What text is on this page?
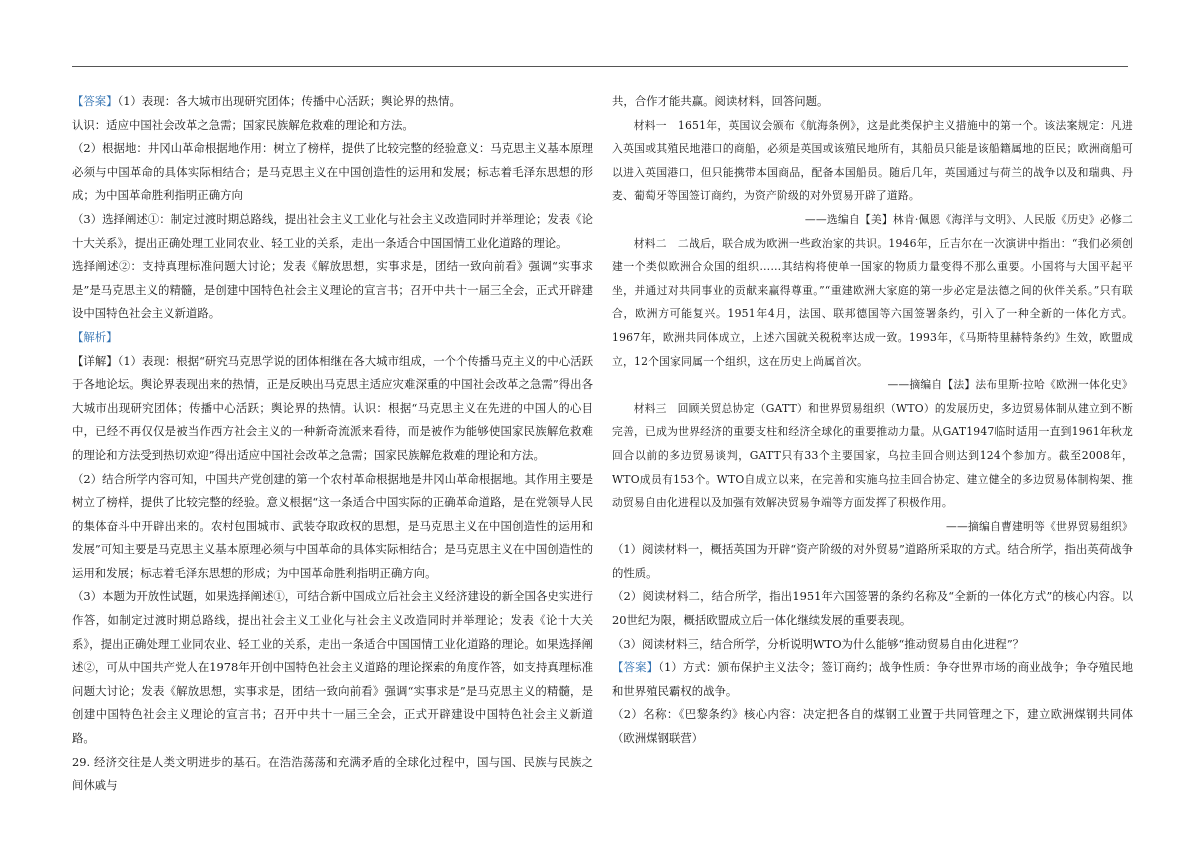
【答案】（1）表现：各大城市出现研究团体；传播中心活跃；舆论界的热情。

认识：适应中国社会改革之急需；国家民族解危救难的理论和方法。

（2）根据地：井冈山革命根据地作用：树立了榜样，提供了比较完整的经验意义：马克思主义基本原理必须与中国革命的具体实际相结合；是马克思主义在中国创造性的运用和发展；标志着毛泽东思想的形成；为中国革命胜利指明正确方向

（3）选择阐述①：制定过渡时期总路线，提出社会主义工业化与社会主义改造同时并举理论；发表《论十大关系》，提出正确处理工业同农业、轻工业的关系，走出一条适合中国国情工业化道路的理论。

选择阐述②：支持真理标准问题大讨论；发表《解放思想，实事求是，团结一致向前看》强调“实事求是”是马克思主义的精髓，是创建中国特色社会主义理论的宣言书；召开中共十一届三全会，正式开辟建设中国特色社会主义新道路。

【解析】

【详解】（1）表现：根据“研究马克思学说的团体相继在各大城市组成，一个个传播马克主义的中心活跃于各地论坛。舆论界表现出来的热情，正是反映出马克思主适应灾难深重的中国社会改革之急需”得出各大城市出现研究团体；传播中心活跃；舆论界的热情。认识：根据“马克思主义在先进的中国人的心目中，已经不再仅仅是被当作西方社会主义的一种新奇流派来看待，而是被作为能够使国家民族解危救难的理论和方法受到热切欢迎”得出适应中国社会改革之急需；国家民族解危救难的理论和方法。

（2）结合所学内容可知，中国共产党创建的第一个农村革命根据地是井冈山革命根据地。其作用主要是树立了榜样，提供了比较完整的经验。意义根据“这一条适合中国实际的正确革命道路，是在党领导人民的集体奋斗中开辟出来的。农村包围城市、武装夺取政权的思想，是马克思主义在中国创造性的运用和发展”可知主要是马克思主义基本原理必须与中国革命的具体实际相结合；是马克思主义在中国创造性的运用和发展；标志着毛泽东思想的形成；为中国革命胜利指明正确方向。

（3）本题为开放性试题，如果选择阐述①，可结合新中国成立后社会主义经济建设的新全国各史实进行作答，如制定过渡时期总路线，提出社会主义工业化与社会主义改造同时并举理论；发表《论十大关系》，提出正确处理工业同农业、轻工业的关系，走出一条适合中国国情工业化道路的理论。如果选择阐述②，可从中国共产党人在1978年开创中国特色社会主义道路的理论探索的角度作答，如支持真理标准问题大讨论；发表《解放思想，实事求是，团结一致向前看》强调“实事求是”是马克思主义的精髓，是创建中国特色社会主义理论的宣言书；召开中共十一届三全会，正式开辟建设中国特色社会主义新道路。

29. 经济交往是人类文明进步的基石。在浩浩荡荡和充满矛盾的全球化过程中，国与国、民族与民族之间休戚与

共，合作才能共赢。阅读材料，回答问题。

材料一　1651年，英国议会颁布《航海条例》，这是此类保护主义措施中的第一个。该法案规定：凡进入英国或其殖民地港口的商船，必须是英国或该殖民地所有，其船员只能是该船籍属地的臣民；欧洲商船可以进入英国港口，但只能携带本国商品，配备本国船员。随后几年，英国通过与荷兰的战争以及和瑞典、丹麦、葡萄牙等国签订商约，为资产阶级的对外贸易开辟了道路。

——选编自【美】林肯·佩恩《海洋与文明》、人民版《历史》必修二

材料二　二战后，联合成为欧洲一些政治家的共识。1946年，丘吉尔在一次演讲中指出：“我们必须创建一个类似欧洲合众国的组织……其结构将使单一国家的物质力量变得不那么重要。小国将与大国平起平坐，并通过对共同事业的贡献来赢得尊重。”“重建欧洲大家庭的第一步必定是法德之间的伙伴关系。”只有联合，欧洲方可能复兴。1951年4月，法国、联邦德国等六国签署条约，引入了一种全新的一体化方式。1967年，欧洲共同体成立，上述六国就关税税率达成一致。1993年，《马斯特里赫特条约》生效，欧盟成立，12个国家同属一个组织，这在历史上尚属首次。

——摘编自【法】法布里斯·拉哈《欧洲一体化史》

材料三　回顾关贸总协定（GATT）和世界贸易组织（WTO）的发展历史，多边贸易体制从建立到不断完善，已成为世界经济的重要支柱和经济全球化的重要推动力量。从GAT1947临时适用一直到1961年秋龙回合以前的多边贸易谈判，GATT只有33个主要国家，乌拉圭回合则达到124个参加方。截至2008年，WTO成员有153个。WTO自成立以来，在完善和实施乌拉圭回合协定、建立健全的多边贸易体制构架、推动贸易自由化进程以及加强有效解决贸易争端等方面发挥了积极作用。

——摘编自曹建明等《世界贸易组织》

（1）阅读材料一，概括英国为开辟“资产阶级的对外贸易”道路所采取的方式。结合所学，指出英荷战争的性质。

（2）阅读材料二，结合所学，指出1951年六国签署的条约名称及“全新的一体化方式”的核心内容。以20世纪为限，概括欧盟成立后一体化继续发展的重要表现。

（3）阅读材料三，结合所学，分析说明WTO为什么能够“推动贸易自由化进程”？

【答案】（1）方式：颁布保护主义法令；签订商约；战争性质：争夺世界市场的商业战争；争夺殖民地和世界殖民霸权的战争。

（2）名称：《巴黎条约》核心内容：决定把各自的煤钢工业置于共同管理之下，建立欧洲煤钢共同体（欧洲煤钢联营）
